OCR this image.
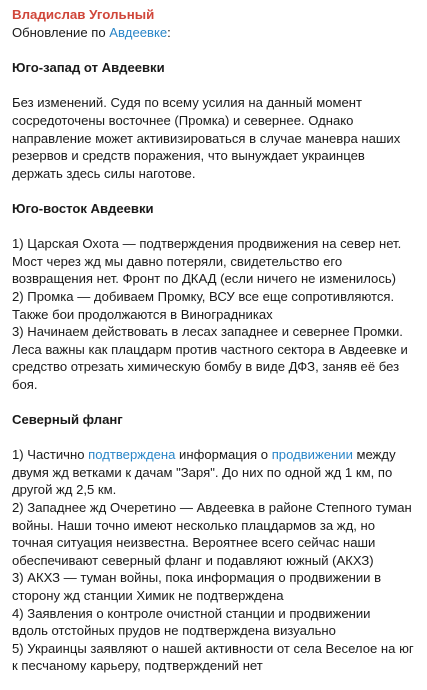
Владислав Угольный
Обновление по Авдеевке:
Юго-запад от Авдеевки
Без изменений. Судя по всему усилия на данный момент
сосредоточены восточнее (Промка) и севернее. Однако
направление может активизироваться в случае маневра наших
резервов и средств поражения, что вынуждает украинцев
держать здесь силы наготове.
Юго-восток Авдеевки
1) Царская Охота — подтверждения продвижения на север нет.
Мост через жд мы давно потеряли, свидетельство его
возвращения нет. Фронт по ДКАД (если ничего не изменилось)
2) Промка — добиваем Промку, ВСУ все еще сопротивляются.
Также бои продолжаются в Виноградниках
3) Начинаем действовать в лесах западнее и севернее Промки.
Леса важны как плацдарм против частного сектора в Авдеевке и
средство отрезать химическую бомбу в виде ДФЗ, заняв её без
боя.
Северный фланг
1) Частично подтверждена информация о продвижении между
двумя жд ветками к дачам "Заря". До них по одной жд 1 км, по
другой жд 2,5 км.
2) Западнее жд Очеретино — Авдеевка в районе Степного туман
войны. Наши точно имеют несколько плацдармов за жд, но
точная ситуация неизвестна. Вероятнее всего сейчас наши
обеспечивают северный фланг и подавляют южный (АКХЗ)
3) АКХЗ — туман войны, пока информация о продвижении в
сторону жд станции Химик не подтверждена
4) Заявления о контроле очистной станции и продвижении
вдоль отстойных прудов не подтверждена визуально
5) Украинцы заявляют о нашей активности от села Веселое на юг
к песчаному карьеру, подтверждений нет
